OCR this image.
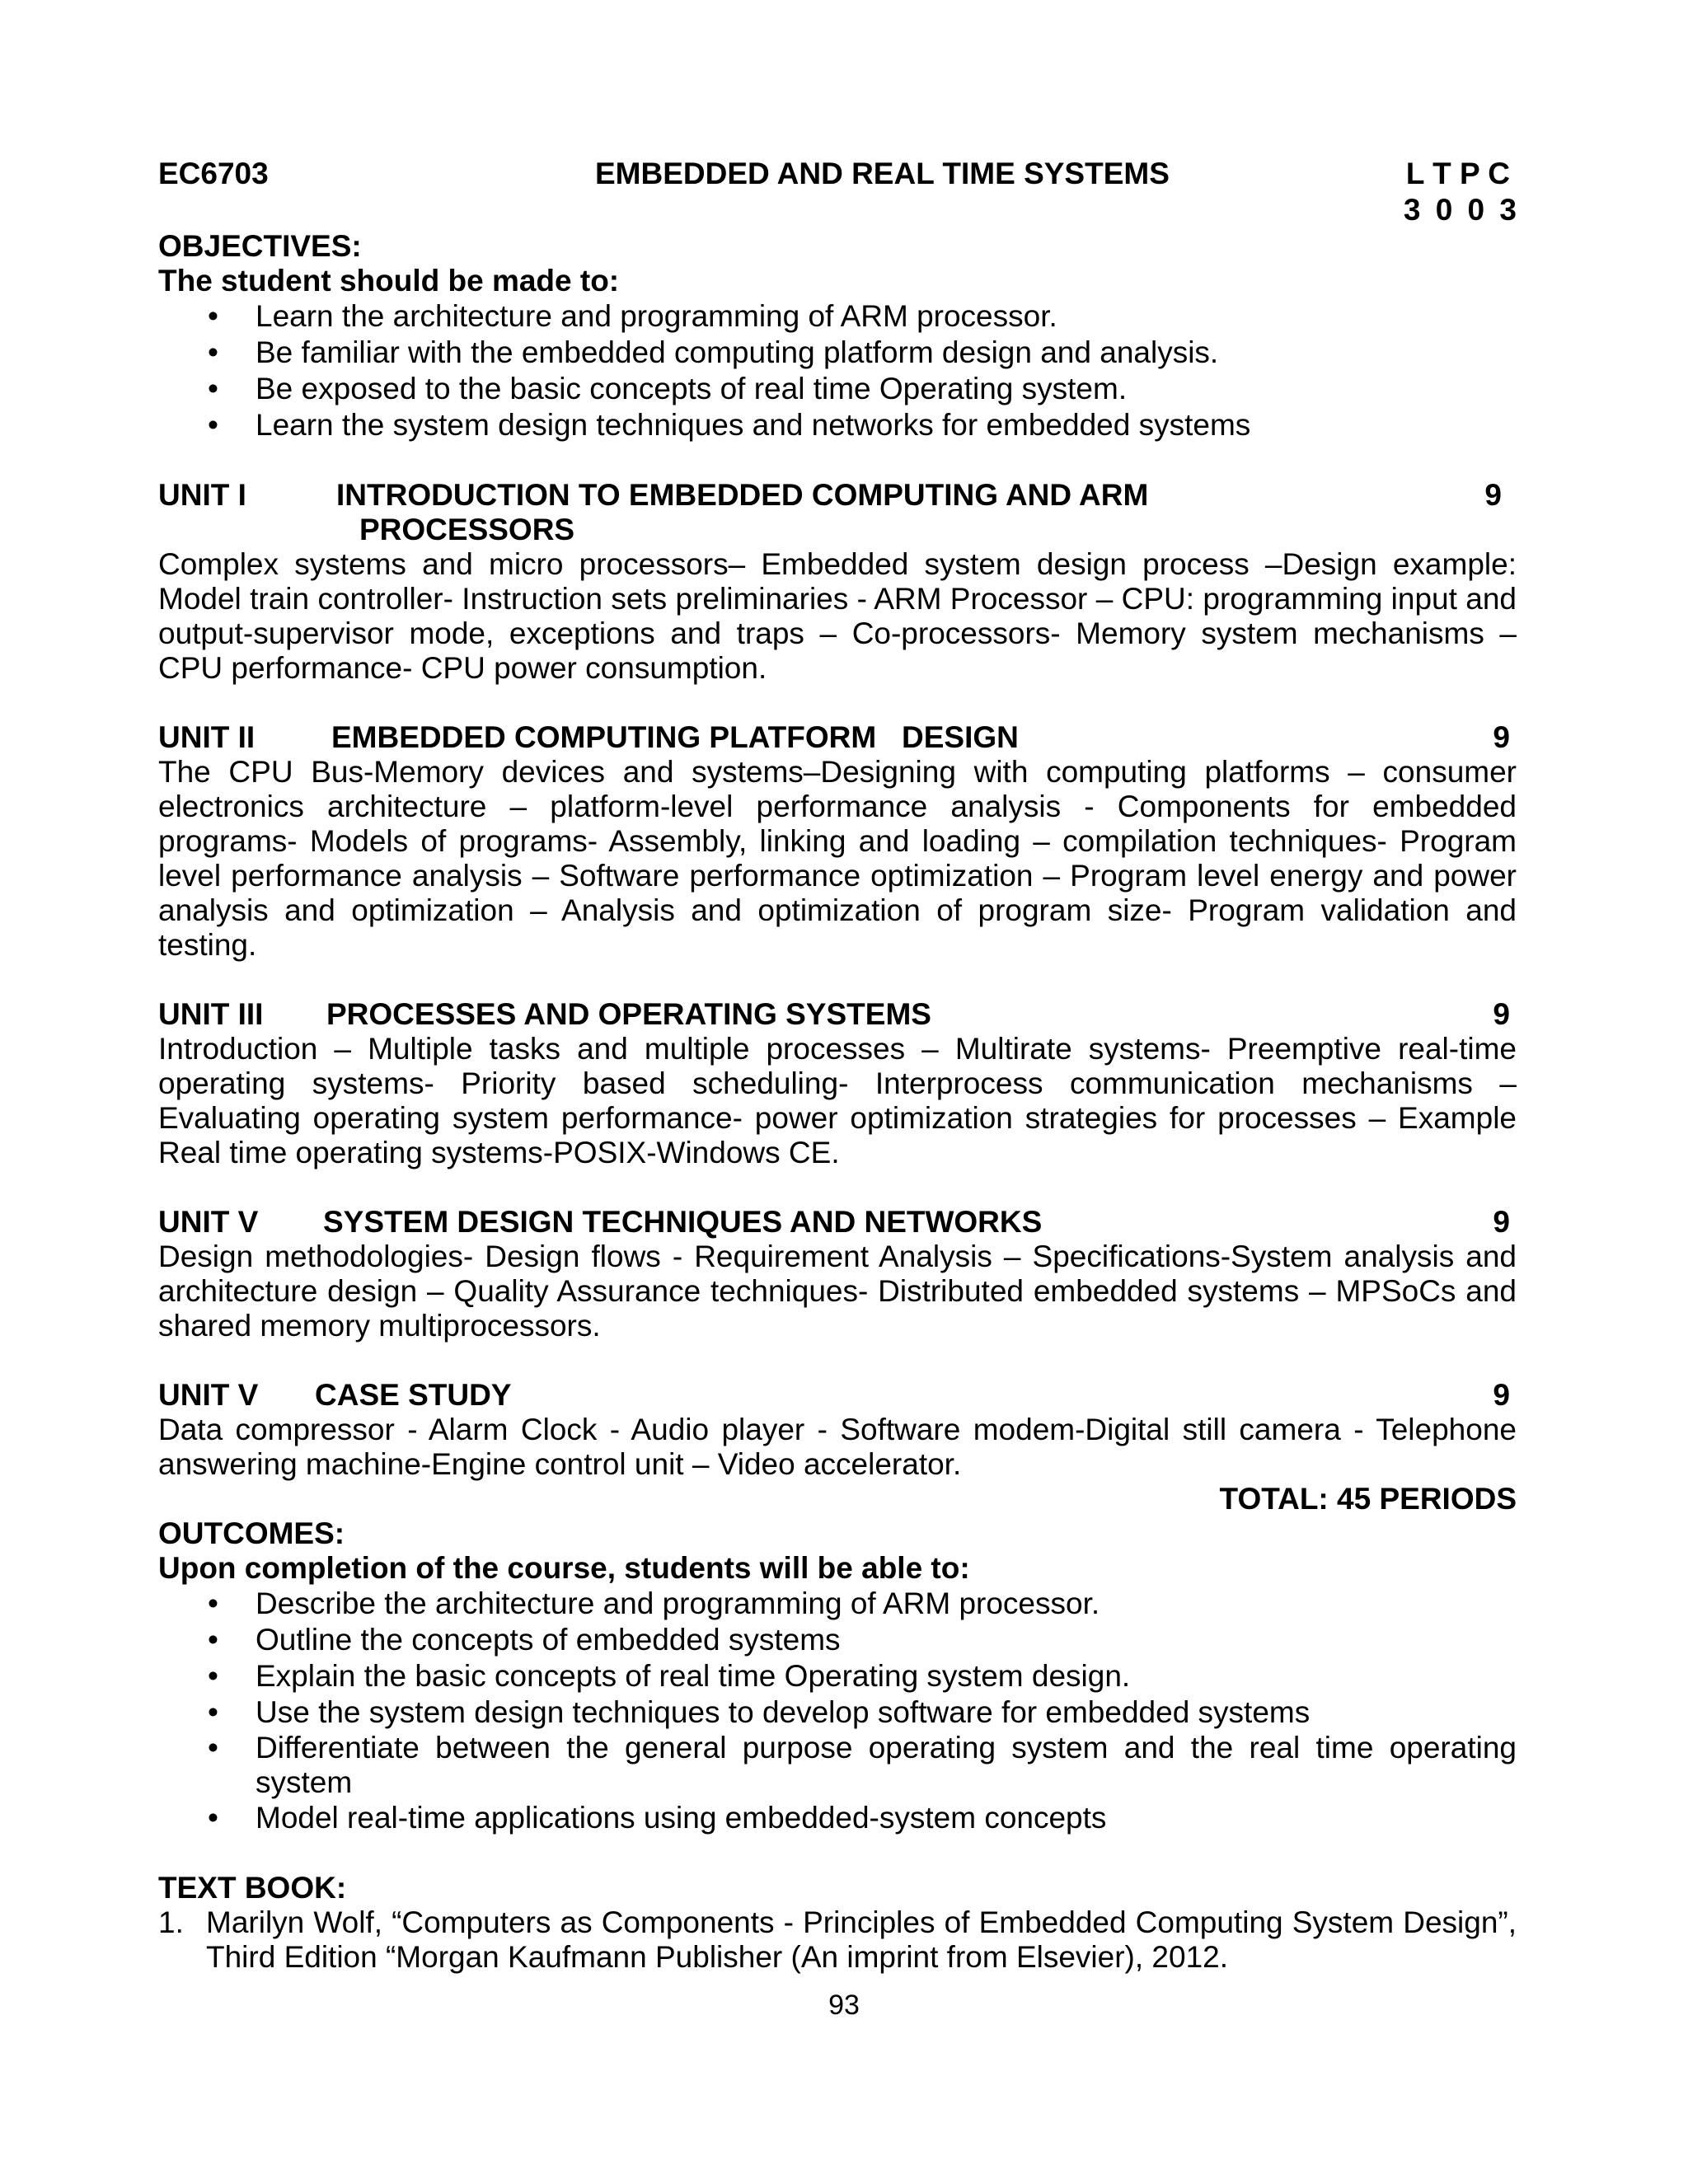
EC6703	EMBEDDED AND REAL TIME SYSTEMS	L T P C
3 0 0 3
OBJECTIVES:
The student should be made to:
• Learn the architecture and programming of ARM processor.
• Be familiar with the embedded computing platform design and analysis.
• Be exposed to the basic concepts of real time Operating system.
• Learn the system design techniques and networks for embedded systems
UNIT I	INTRODUCTION TO EMBEDDED COMPUTING AND ARM	9
PROCESSORS
Complex systems and micro processors– Embedded system design process –Design example: Model train controller- Instruction sets preliminaries - ARM Processor – CPU: programming input and output-supervisor mode, exceptions and traps – Co-processors- Memory system mechanisms – CPU performance- CPU power consumption.
UNIT II	EMBEDDED COMPUTING PLATFORM   DESIGN	9
The CPU Bus-Memory devices and systems–Designing with computing platforms – consumer electronics architecture – platform-level performance analysis - Components for embedded programs- Models of programs- Assembly, linking and loading – compilation techniques- Program level performance analysis – Software performance optimization – Program level energy and power analysis and optimization – Analysis and optimization of program size- Program validation and testing.
UNIT III PROCESSES AND OPERATING SYSTEMS	9
Introduction – Multiple tasks and multiple processes – Multirate systems- Preemptive real-time operating systems- Priority based scheduling- Interprocess communication mechanisms – Evaluating operating system performance- power optimization strategies for processes – Example Real time operating systems-POSIX-Windows CE.
UNIT V SYSTEM DESIGN TECHNIQUES AND NETWORKS	9
Design methodologies- Design flows - Requirement Analysis – Specifications-System analysis and architecture design – Quality Assurance techniques- Distributed embedded systems – MPSoCs and shared memory multiprocessors.
UNIT V CASE STUDY	9
Data compressor - Alarm Clock - Audio player - Software modem-Digital still camera - Telephone answering machine-Engine control unit – Video accelerator.
TOTAL: 45 PERIODS
OUTCOMES:
Upon completion of the course, students will be able to:
• Describe the architecture and programming of ARM processor.
• Outline the concepts of embedded systems
• Explain the basic concepts of real time Operating system design.
• Use the system design techniques to develop software for embedded systems
• Differentiate between the general purpose operating system and the real time operating system
• Model real-time applications using embedded-system concepts
TEXT BOOK:
1. Marilyn Wolf, “Computers as Components - Principles of Embedded Computing System Design”, Third Edition “Morgan Kaufmann Publisher (An imprint from Elsevier), 2012.
93
